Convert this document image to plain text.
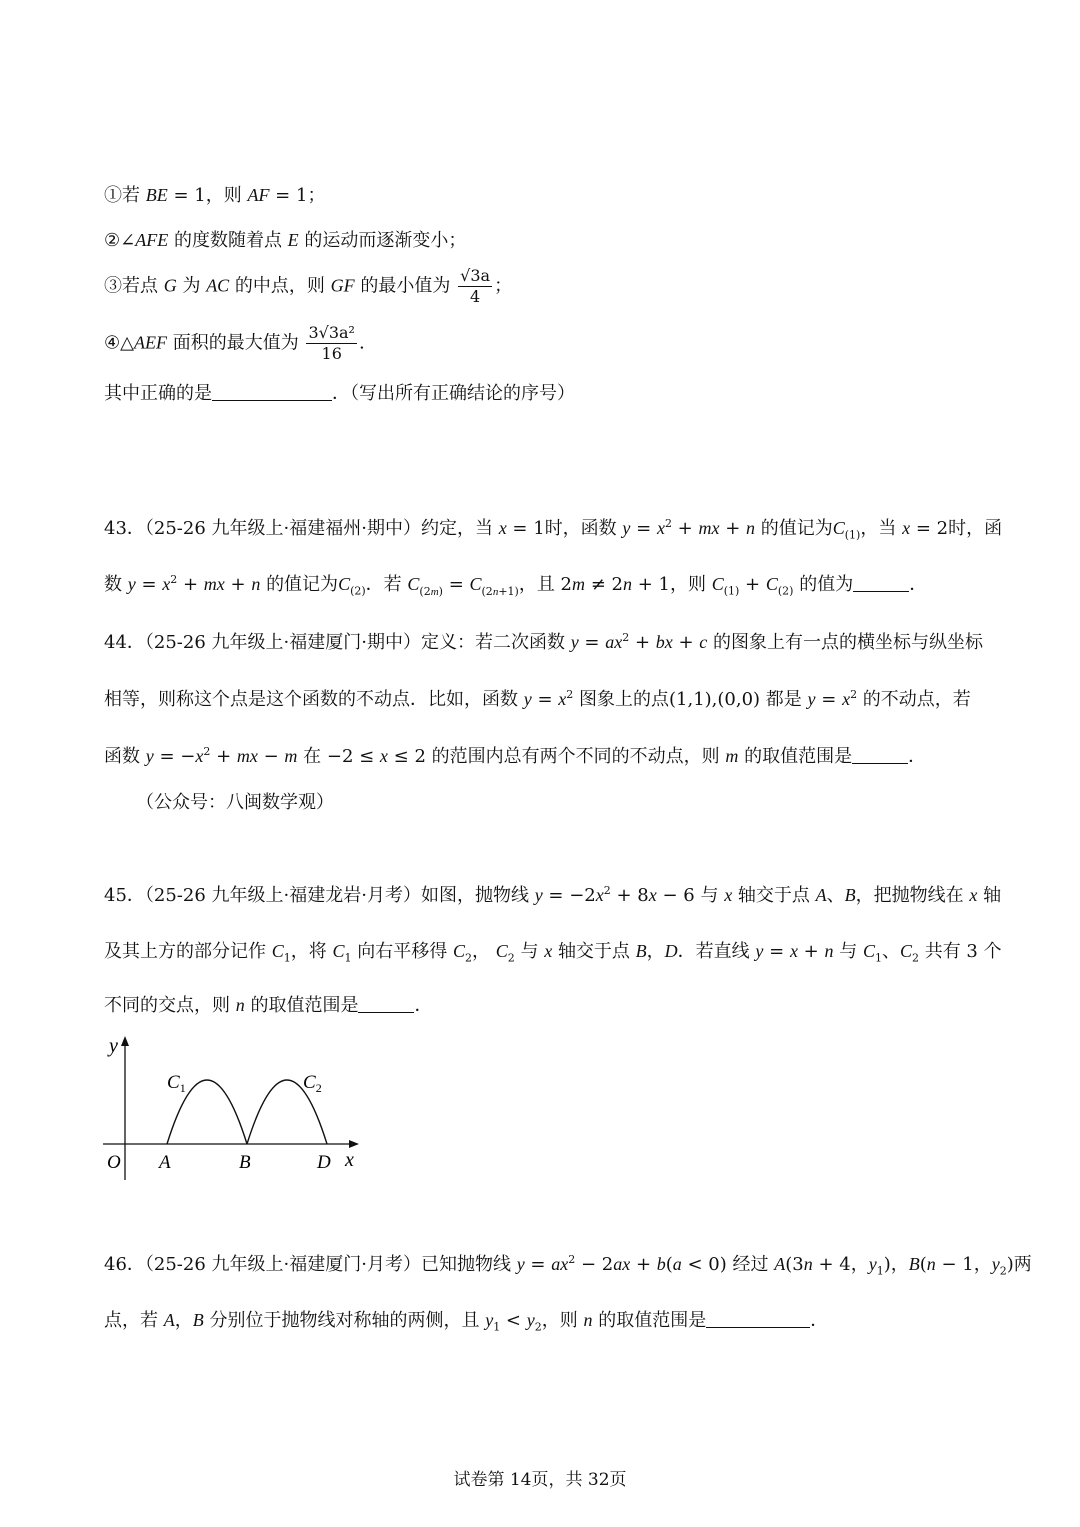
①若 BE = 1，则 AF = 1；
②∠AFE 的度数随着点 E 的运动而逐渐变小；
③若点 G 为 AC 的中点，则 GF 的最小值为 $\frac{√3a}{4}$ ；
④△AEF 面积的最大值为 $\frac{\text{3√3a²}}{16}$ .
其中正确的是	．（写出所有正确结论的序号）
43．（25-26 九年级上·福建福州·期中）约定，当 x = 1时，函数 $y = x^2$ + mx + n 的值记为$C_{(1)}$，当 x = 2时，函
数 $y = x^2$ + mx + n 的值记为$C_{(2)}$．若 $C_{(2m)} = C_{(2n+1)}$，且 2m ≠ 2n + 1，则 $C_{(1)} + C_{(2)}$ 的值为	．
44．（25-26 九年级上·福建厦门·期中）定义：若二次函数 $y = ax^2$ + bx + c 的图象上有一点的横坐标与纵坐标
相等，则称这个点是这个函数的不动点．比如，函数 $y = x^2$ 图象上的点(1,1),(0,0) 都是 $y = x^2$ 的不动点，若
函数 $y = -x^2$ + mx − m 在 −2 ≤ x ≤ 2 的范围内总有两个不同的不动点，则 m 的取值范围是	．
（公众号：八闽数学观）
45．（25-26 九年级上·福建龙岩·月考）如图，抛物线 $y = -2x^2 + 8x - 6$ 与 x 轴交于点 A、B，把抛物线在 x 轴
及其上方的部分记作 $C_1$，将 $C_1$ 向右平移得 $C_2$， $C_2$ 与 x 轴交于点 B，D．若直线 y = x + n 与 $C_1$、$C_2$ 共有 3 个
不同的交点，则 n 的取值范围是	．
y
x
O A	B	D
$C_1$	$C_2$
46．（25-26 九年级上·福建厦门·月考）已知抛物线 $y = ax^2 - 2ax + b(a < 0)$ 经过 A(3n + 4，$y_1$)，B(n − 1，$y_2$)两
点，若 A，B 分别位于抛物线对称轴的两侧，且 $y_1 < y_2$，则 n 的取值范围是	．
试卷第 14页，共 32页
